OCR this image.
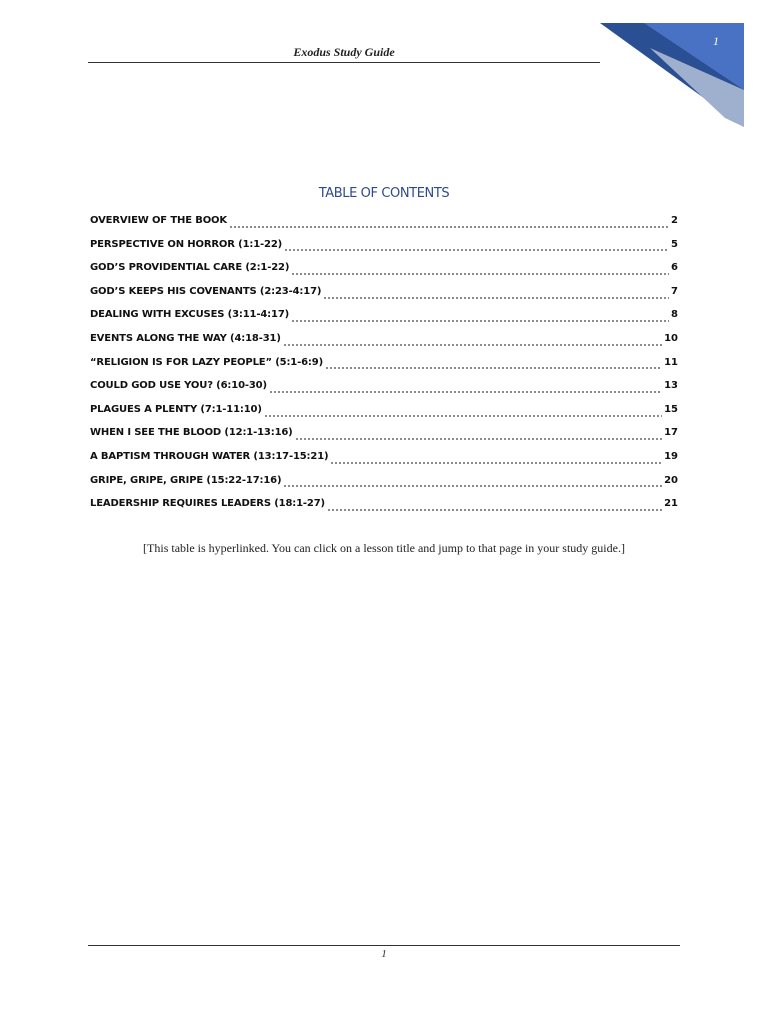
1
Exodus Study Guide
TABLE OF CONTENTS
OVERVIEW OF THE BOOK	2
PERSPECTIVE ON HORROR (1:1-22)	5
GOD’S PROVIDENTIAL CARE (2:1-22)	6
GOD’S KEEPS HIS COVENANTS (2:23-4:17)	7
DEALING WITH EXCUSES (3:11-4:17)	8
EVENTS ALONG THE WAY (4:18-31)	10
“RELIGION IS FOR LAZY PEOPLE” (5:1-6:9)	11
COULD GOD USE YOU? (6:10-30)	13
PLAGUES A PLENTY (7:1-11:10)	15
WHEN I SEE THE BLOOD (12:1-13:16)	17
A BAPTISM THROUGH WATER (13:17-15:21)	19
GRIPE, GRIPE, GRIPE (15:22-17:16)	20
LEADERSHIP REQUIRES LEADERS (18:1-27)	21
[This table is hyperlinked. You can click on a lesson title and jump to that page in your study guide.]
1
